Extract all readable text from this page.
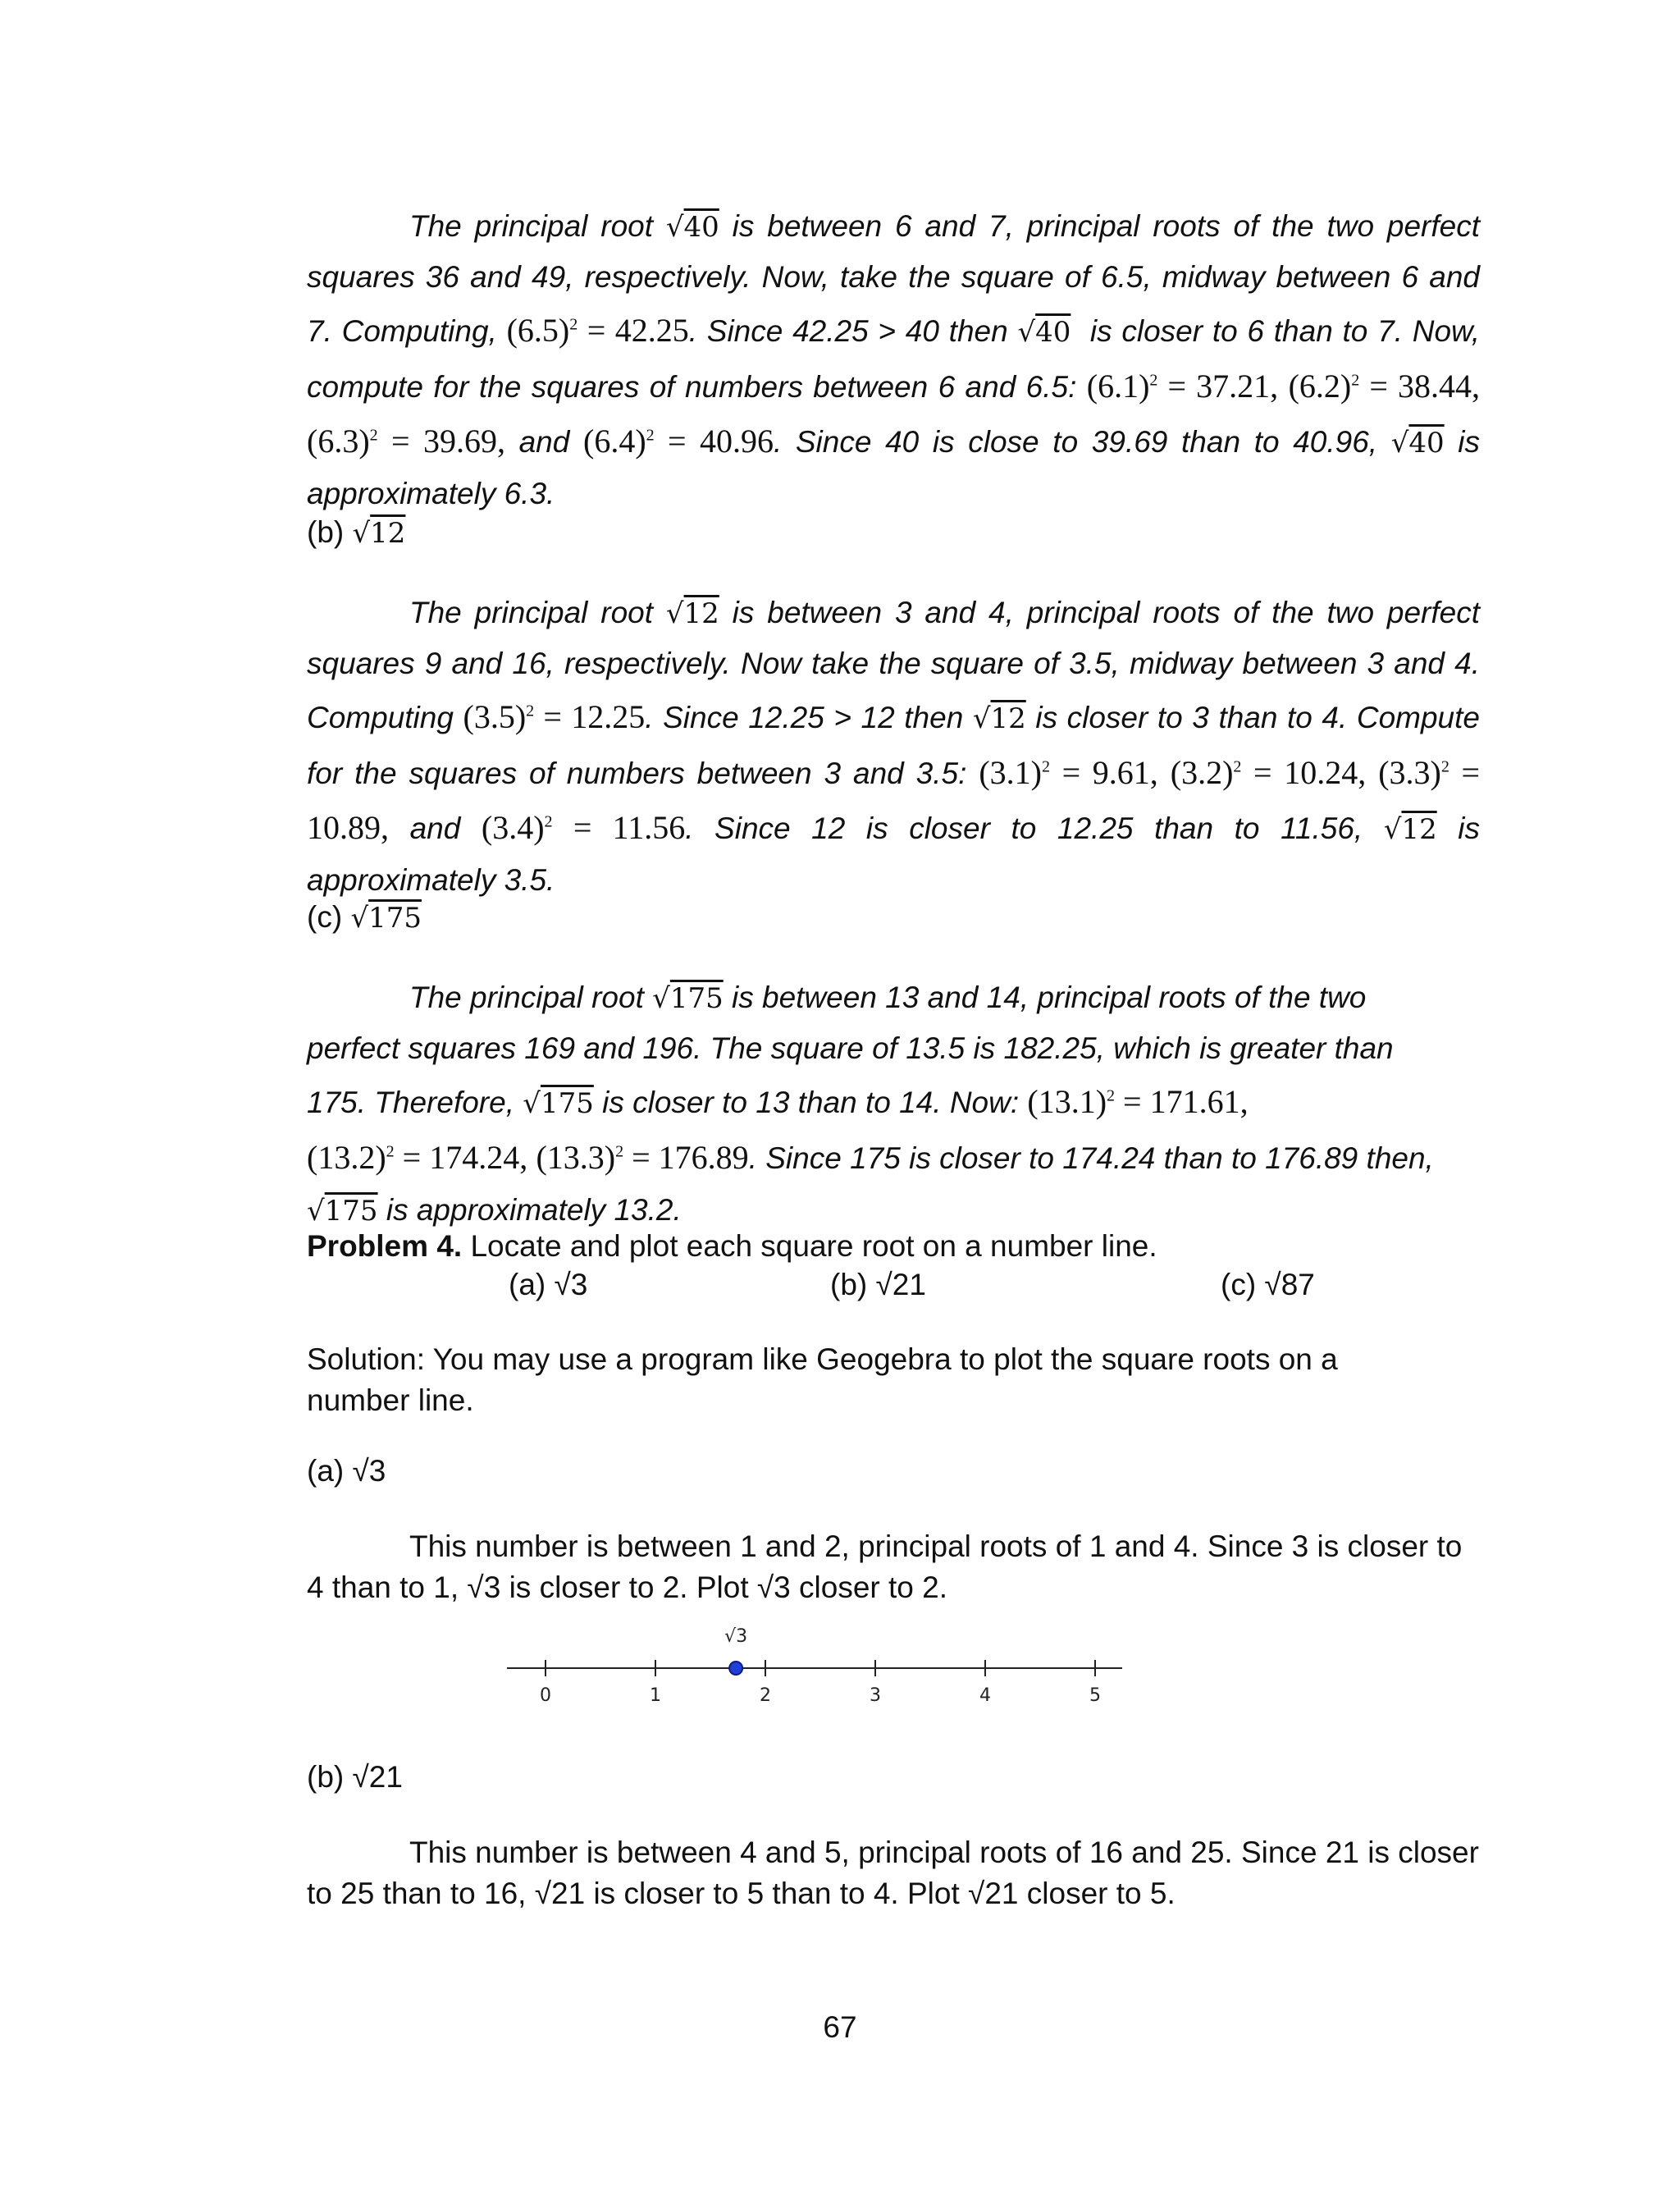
The principal root √40 is between 6 and 7, principal roots of the two perfect squares 36 and 49, respectively. Now, take the square of 6.5, midway between 6 and 7. Computing, $(6.5)^2 = 42.25$. Since 42.25 > 40 then √40  is closer to 6 than to 7. Now, compute for the squares of numbers between 6 and 6.5: $(6.1)^2 = 37.21$, $(6.2)^2 = 38.44$, $(6.3)^2 = 39.69$, and $(6.4)^2 = 40.96$. Since 40 is close to 39.69 than to 40.96, √40 is approximately 6.3.

(b) √12

The principal root √12 is between 3 and 4, principal roots of the two perfect squares 9 and 16, respectively. Now take the square of 3.5, midway between 3 and 4. Computing $(3.5)^2 = 12.25$. Since 12.25 > 12 then √12 is closer to 3 than to 4. Compute for the squares of numbers between 3 and 3.5: $(3.1)^2 = 9.61$, $(3.2)^2 = 10.24$, $(3.3)^2 = 10.89$, and $(3.4)^2 = 11.56$. Since 12 is closer to 12.25 than to 11.56, √12 is approximately 3.5.

(c) √175

The principal root √175 is between 13 and 14, principal roots of the two perfect squares 169 and 196. The square of 13.5 is 182.25, which is greater than 175. Therefore, √175 is closer to 13 than to 14. Now: $(13.1)^2 = 171.61$,
$(13.2)^2 = 174.24$, $(13.3)^2 = 176.89$. Since 175 is closer to 174.24 than to 176.89 then, √175 is approximately 13.2.

Problem 4. Locate and plot each square root on a number line.
(a) √3	(b) √21	(c) √87
Solution: You may use a program like Geogebra to plot the square roots on a number line.
(a) √3
This number is between 1 and 2, principal roots of 1 and 4. Since 3 is closer to 4 than to 1, √3 is closer to 2. Plot √3 closer to 2.
0	1	2	3	4	5
√3
(b) √21
This number is between 4 and 5, principal roots of 16 and 25. Since 21 is closer to 25 than to 16, √21 is closer to 5 than to 4. Plot √21 closer to 5.
67
